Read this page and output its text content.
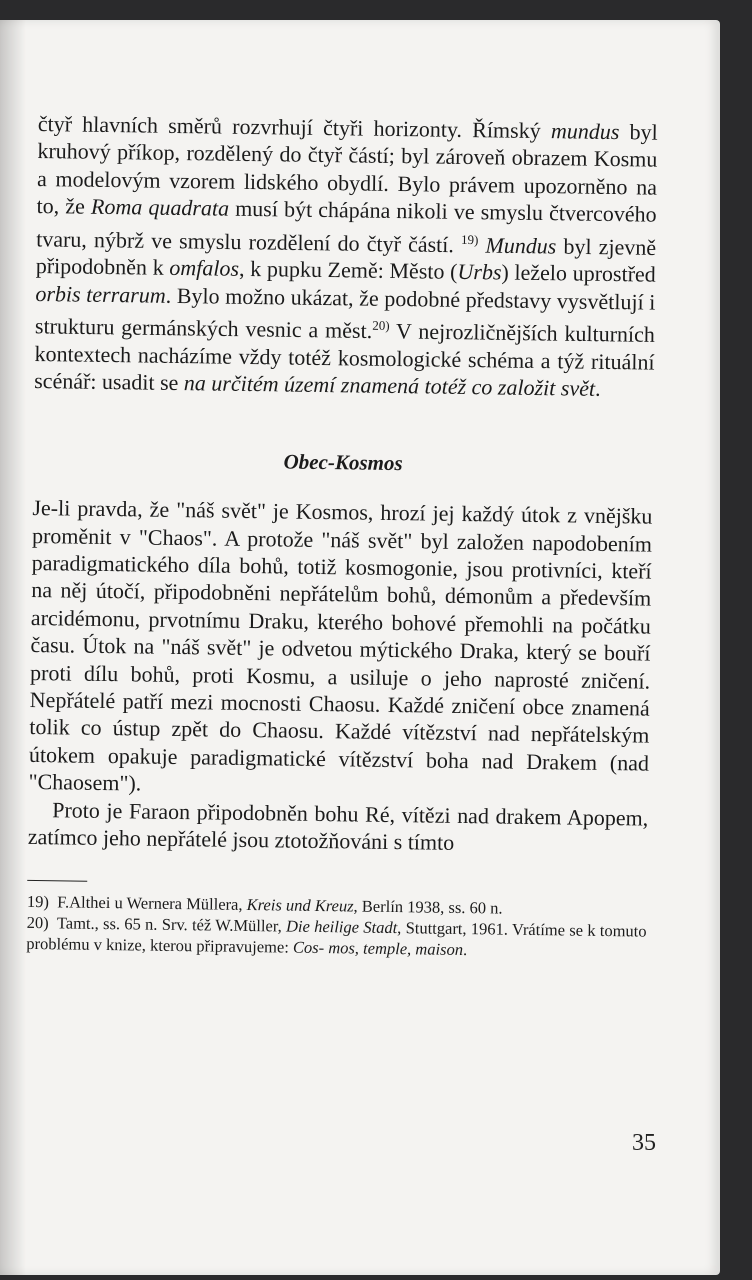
čtyř hlavních směrů rozvrhují čtyři horizonty. Římský mundus byl kruhový příkop, rozdělený do čtyř částí; byl zároveň obrazem Kosmu a modelovým vzorem lidského obydlí. Bylo právem upozorněno na to, že Roma quadrata musí být chápána nikoli ve smyslu čtvercového tvaru, nýbrž ve smyslu rozdělení do čtyř částí. $^{19)}$ Mundus byl zjevně připodobněn k omfalos, k pupku Země: Město (Urbs) leželo uprostřed orbis terrarum. Bylo možno ukázat, že podobné představy vysvětlují i strukturu germánských vesnic a měst.$^{20)}$ V nejrozličnějších kulturních kontextech nacházíme vždy totéž kosmologické schéma a týž rituální scénář: usadit se na určitém území znamená totéž co založit svět.

Obec-Kosmos

Je-li pravda, že "náš svět" je Kosmos, hrozí jej každý útok z vnějšku proměnit v "Chaos". A protože "náš svět" byl založen napodobením paradigmatického díla bohů, totiž kosmogonie, jsou protivníci, kteří na něj útočí, připodobněni nepřátelům bohů, démonům a především arcidémonu, prvotnímu Draku, kterého bohové přemohli na počátku času. Útok na "náš svět" je odvetou mýtického Draka, který se bouří proti dílu bohů, proti Kosmu, a usiluje o jeho naprosté zničení. Nepřátelé patří mezi mocnosti Chaosu. Každé zničení obce znamená tolik co ústup zpět do Chaosu. Každé vítězství nad nepřátelským útokem opakuje paradigmatické vítězství boha nad Drakem (nad "Chaosem").

Proto je Faraon připodobněn bohu Ré, vítězi nad drakem Apopem, zatímco jeho nepřátelé jsou ztotožňováni s tímto

19) F.Althei u Wernera Müllera, Kreis und Kreuz, Berlín 1938, ss. 60 n.

20) Tamt., ss. 65 n. Srv. též W.Müller, Die heilige Stadt, Stuttgart, 1961. Vrátíme se k tomuto problému v knize, kterou připravujeme: Cos- mos, temple, maison.

35
